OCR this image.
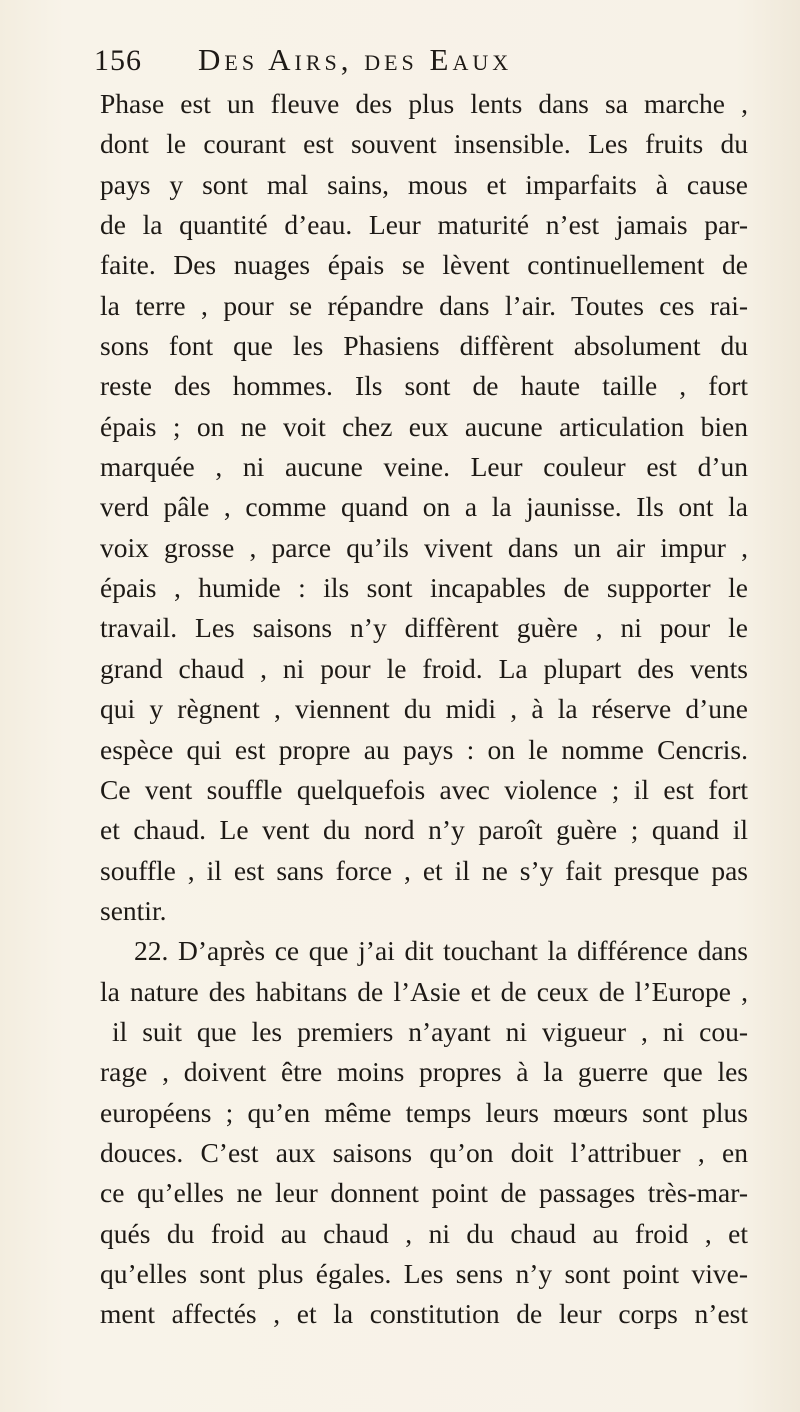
156 Des Airs, des Eaux
Phase est un fleuve des plus lents dans sa marche ,
dont le courant est souvent insensible. Les fruits du
pays y sont mal sains, mous et imparfaits à cause
de la quantité d’eau. Leur maturité n’est jamais par-
faite. Des nuages épais se lèvent continuellement de
la terre , pour se répandre dans l’air. Toutes ces rai-
sons font que les Phasiens diffèrent absolument du
reste des hommes. Ils sont de haute taille , fort
épais ; on ne voit chez eux aucune articulation bien
marquée , ni aucune veine. Leur couleur est d’un
verd pâle , comme quand on a la jaunisse. Ils ont la
voix grosse , parce qu’ils vivent dans un air impur ,
épais , humide : ils sont incapables de supporter le
travail. Les saisons n’y diffèrent guère , ni pour le
grand chaud , ni pour le froid. La plupart des vents
qui y règnent , viennent du midi , à la réserve d’une
espèce qui est propre au pays : on le nomme Cencris.
Ce vent souffle quelquefois avec violence ; il est fort
et chaud. Le vent du nord n’y paroît guère ; quand il
souffle , il est sans force , et il ne s’y fait presque pas
sentir.
22. D’après ce que j’ai dit touchant la différence dans
la nature des habitans de l’Asie et de ceux de l’Europe ,
il suit que les premiers n’ayant ni vigueur , ni cou-
rage , doivent être moins propres à la guerre que les
européens ; qu’en même temps leurs mœurs sont plus
douces. C’est aux saisons qu’on doit l’attribuer , en
ce qu’elles ne leur donnent point de passages très-mar-
qués du froid au chaud , ni du chaud au froid , et
qu’elles sont plus égales. Les sens n’y sont point vive-
ment affectés , et la constitution de leur corps n’est
